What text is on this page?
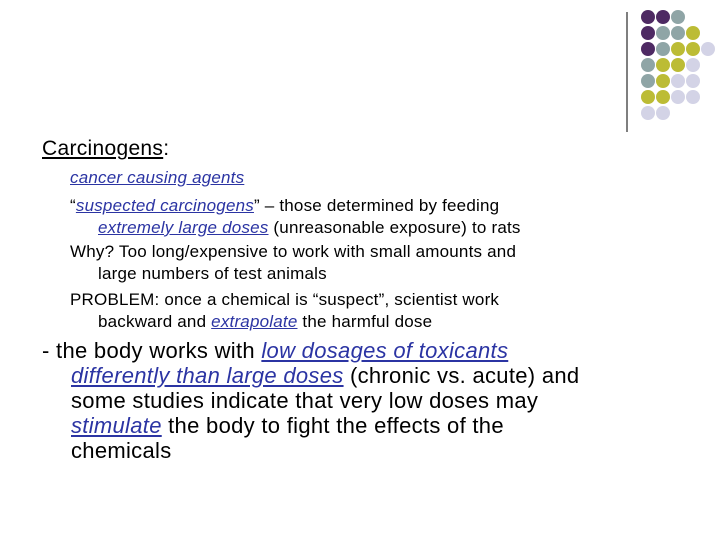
Carcinogens:
cancer causing agents
“suspected carcinogens” – those determined by feeding
extremely large doses (unreasonable exposure) to rats
Why? Too long/expensive to work with small amounts and
large numbers of test animals
PROBLEM: once a chemical is “suspect”, scientist work
backward and extrapolate the harmful dose
- the body works with low dosages of toxicants
differently than large doses (chronic vs. acute) and
some studies indicate that very low doses may
stimulate the body to fight the effects of the
chemicals
